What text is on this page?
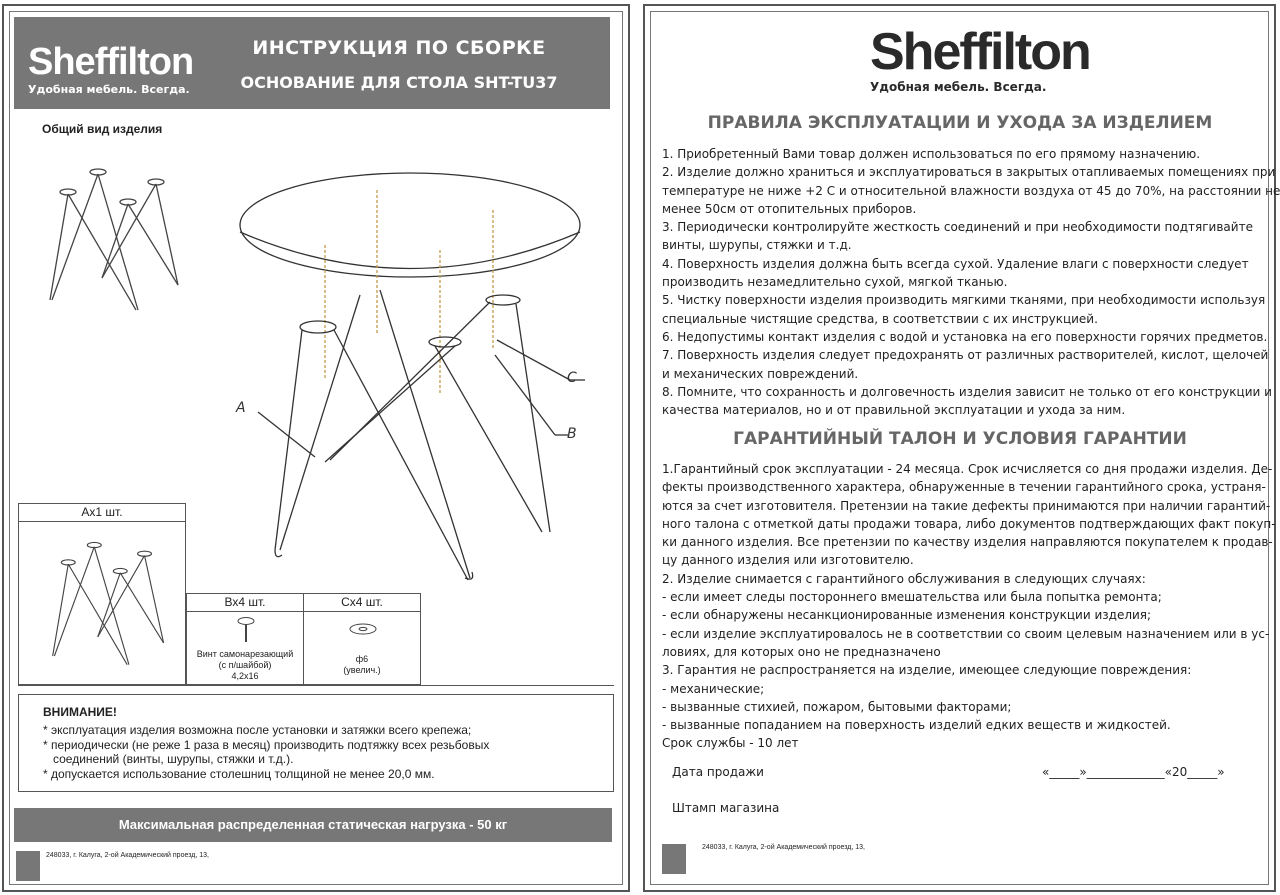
Sheffilton
Удобная мебель. Всегда.
ИНСТРУКЦИЯ ПО СБОРКЕ
ОСНОВАНИЕ ДЛЯ СТОЛА SHT-TU37
Общий вид изделия
A
C
B
Ах1 шт.
Вх4 шт.
Винт самонарезающий
(с п/шайбой)
4,2х16
Сх4 шт.
ф6
(увелич.)
ВНИМАНИЕ!
* эксплуатация изделия возможна после установки и затяжки всего крепежа;
* периодически (не реже 1 раза в месяц) производить подтяжку всех резьбовых
соединений (винты, шурупы, стяжки и т.д.).
* допускается использование столешниц толщиной не менее 20,0 мм.
Максимальная распределенная статическая нагрузка - 50 кг
248033, г. Калуга, 2-ой Академический проезд, 13,
Sheffilton
Удобная мебель. Всегда.
ПРАВИЛА ЭКСПЛУАТАЦИИ И УХОДА ЗА ИЗДЕЛИЕМ
1. Приобретенный Вами товар должен использоваться по его прямому назначению.
2. Изделие должно храниться и эксплуатироваться в закрытых отапливаемых помещениях при
температуре не ниже +2 С и относительной влажности воздуха от 45 до 70%, на расстоянии не
менее 50см от отопительных приборов.
3. Периодически контролируйте жесткость соединений и при необходимости подтягивайте
винты, шурупы, стяжки и т.д.
4. Поверхность изделия должна быть всегда сухой. Удаление влаги с поверхности следует
производить незамедлительно сухой, мягкой тканью.
5. Чистку поверхности изделия производить мягкими тканями, при необходимости используя
специальные чистящие средства, в соответствии с их инструкцией.
6. Недопустимы контакт изделия с водой и установка на его поверхности горячих предметов.
7. Поверхность изделия следует предохранять от различных растворителей, кислот, щелочей
и механических повреждений.
8. Помните, что сохранность и долговечность изделия зависит не только от его конструкции и
качества материалов, но и от правильной эксплуатации и ухода за ним.
ГАРАНТИЙНЫЙ ТАЛОН И УСЛОВИЯ ГАРАНТИИ
1.Гарантийный срок эксплуатации - 24 месяца. Срок исчисляется со дня продажи изделия. Де-
фекты производственного характера, обнаруженные в течении гарантийного срока, устраня-
ются за счет изготовителя. Претензии на такие дефекты принимаются при наличии гарантий-
ного талона с отметкой даты продажи товара, либо документов подтверждающих факт покуп-
ки данного изделия. Все претензии по качеству изделия направляются покупателем к продав-
цу данного изделия или изготовителю.
2. Изделие снимается с гарантийного обслуживания в следующих случаях:
- если имеет следы постороннего вмешательства или была попытка ремонта;
- если обнаружены несанкционированные изменения конструкции изделия;
- если изделие эксплуатировалось не в соответствии со своим целевым назначением или в ус-
ловиях, для которых оно не предназначено
3. Гарантия не распространяется на изделие, имеющее следующие повреждения:
- механические;
- вызванные стихией, пожаром, бытовыми факторами;
- вызванные попаданием на поверхность изделий едких веществ и жидкостей.
Срок службы - 10 лет
Дата продажи	«_____»_____________«20_____»
Штамп магазина
248033, г. Калуга, 2-ой Академический проезд, 13,
